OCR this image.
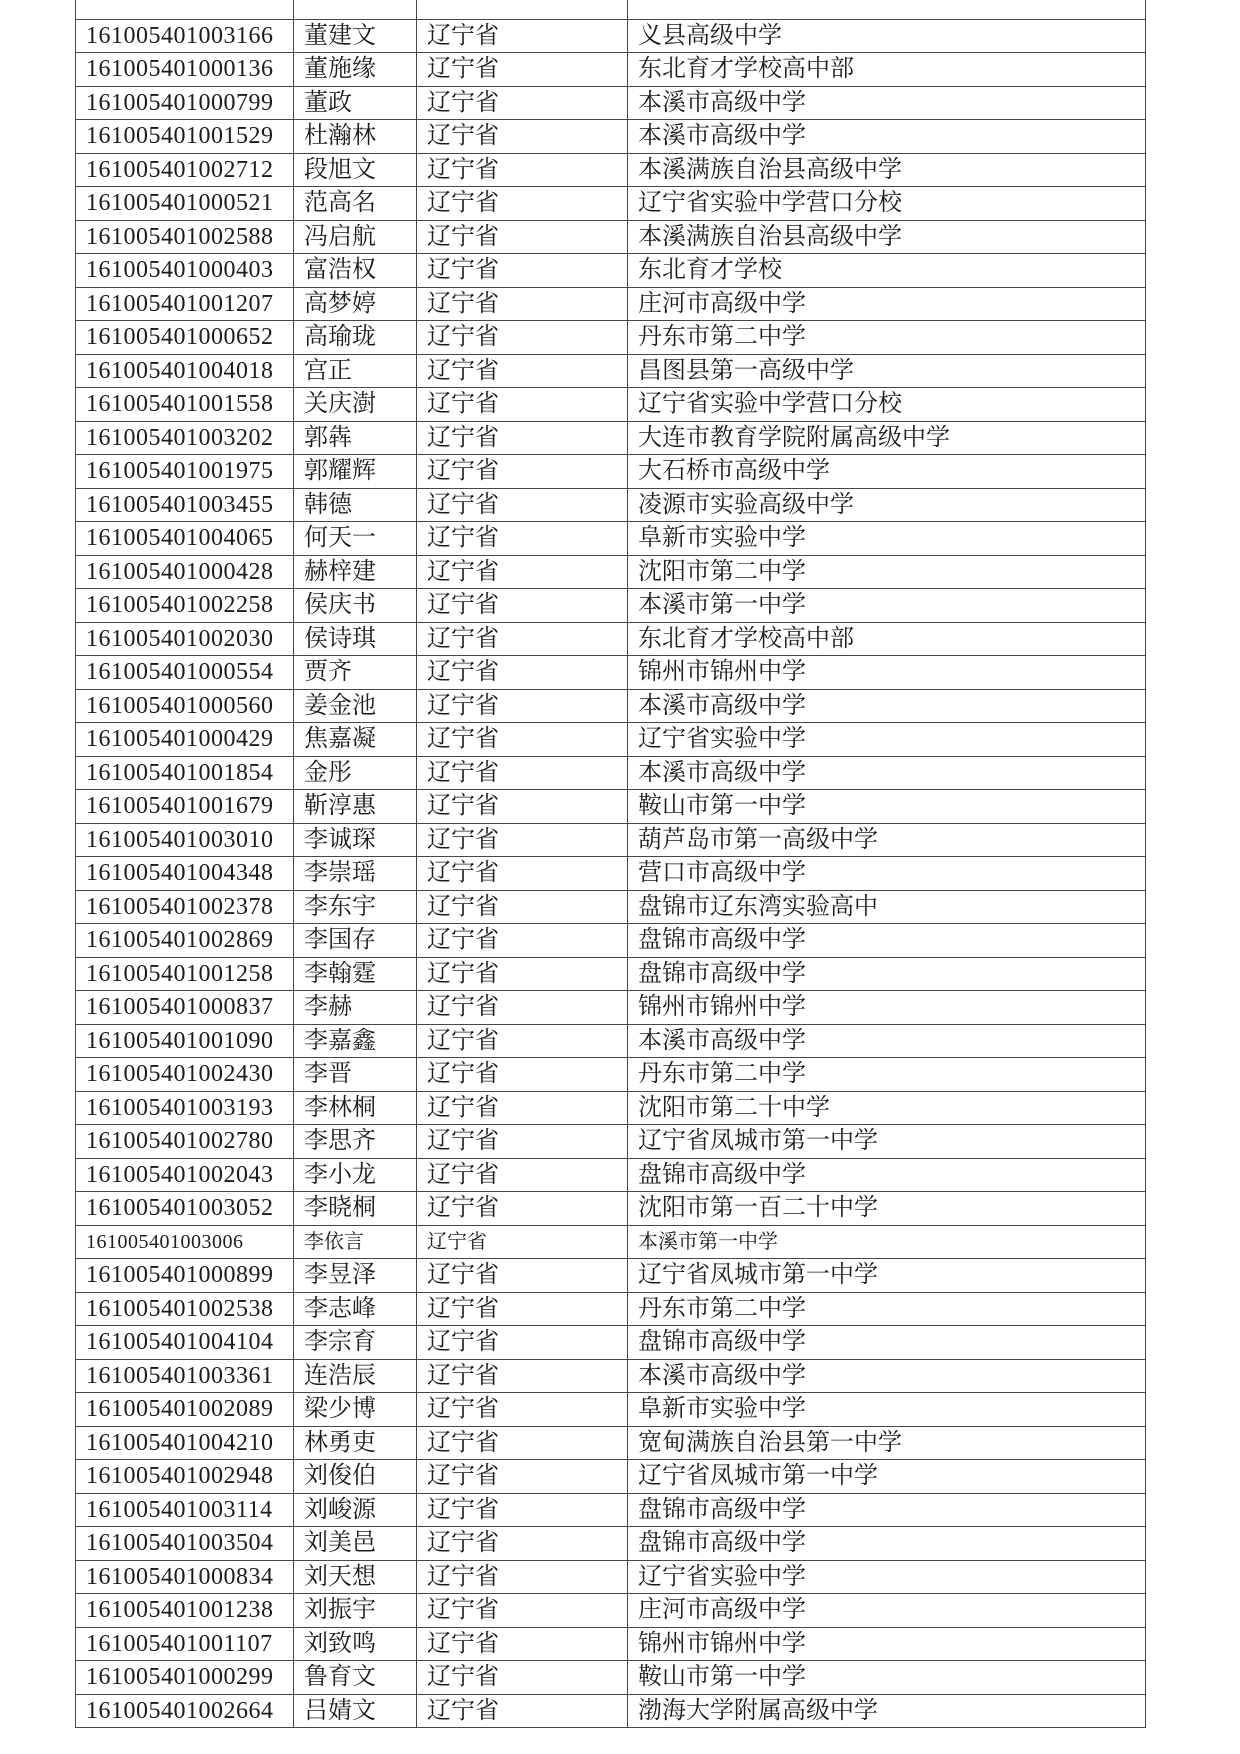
161005401003166	董建文	辽宁省	义县高级中学
161005401000136	董施缘	辽宁省	东北育才学校高中部
161005401000799	董政	辽宁省	本溪市高级中学
161005401001529	杜瀚林	辽宁省	本溪市高级中学
161005401002712	段旭文	辽宁省	本溪满族自治县高级中学
161005401000521	范高名	辽宁省	辽宁省实验中学营口分校
161005401002588	冯启航	辽宁省	本溪满族自治县高级中学
161005401000403	富浩权	辽宁省	东北育才学校
161005401001207	高梦婷	辽宁省	庄河市高级中学
161005401000652	高瑜珑	辽宁省	丹东市第二中学
161005401004018	宫正	辽宁省	昌图县第一高级中学
161005401001558	关庆澍	辽宁省	辽宁省实验中学营口分校
161005401003202	郭犇	辽宁省	大连市教育学院附属高级中学
161005401001975	郭耀辉	辽宁省	大石桥市高级中学
161005401003455	韩德	辽宁省	凌源市实验高级中学
161005401004065	何天一	辽宁省	阜新市实验中学
161005401000428	赫梓建	辽宁省	沈阳市第二中学
161005401002258	侯庆书	辽宁省	本溪市第一中学
161005401002030	侯诗琪	辽宁省	东北育才学校高中部
161005401000554	贾齐	辽宁省	锦州市锦州中学
161005401000560	姜金池	辽宁省	本溪市高级中学
161005401000429	焦嘉凝	辽宁省	辽宁省实验中学
161005401001854	金彤	辽宁省	本溪市高级中学
161005401001679	靳淳惠	辽宁省	鞍山市第一中学
161005401003010	李诚琛	辽宁省	葫芦岛市第一高级中学
161005401004348	李崇瑶	辽宁省	营口市高级中学
161005401002378	李东宇	辽宁省	盘锦市辽东湾实验高中
161005401002869	李国存	辽宁省	盘锦市高级中学
161005401001258	李翰霆	辽宁省	盘锦市高级中学
161005401000837	李赫	辽宁省	锦州市锦州中学
161005401001090	李嘉鑫	辽宁省	本溪市高级中学
161005401002430	李晋	辽宁省	丹东市第二中学
161005401003193	李林桐	辽宁省	沈阳市第二十中学
161005401002780	李思齐	辽宁省	辽宁省凤城市第一中学
161005401002043	李小龙	辽宁省	盘锦市高级中学
161005401003052	李晓桐	辽宁省	沈阳市第一百二十中学
161005401003006	李依言	辽宁省	本溪市第一中学
161005401000899	李昱泽	辽宁省	辽宁省凤城市第一中学
161005401002538	李志峰	辽宁省	丹东市第二中学
161005401004104	李宗育	辽宁省	盘锦市高级中学
161005401003361	连浩辰	辽宁省	本溪市高级中学
161005401002089	梁少博	辽宁省	阜新市实验中学
161005401004210	林勇吏	辽宁省	宽甸满族自治县第一中学
161005401002948	刘俊伯	辽宁省	辽宁省凤城市第一中学
161005401003114	刘峻源	辽宁省	盘锦市高级中学
161005401003504	刘美邑	辽宁省	盘锦市高级中学
161005401000834	刘天想	辽宁省	辽宁省实验中学
161005401001238	刘振宇	辽宁省	庄河市高级中学
161005401001107	刘致鸣	辽宁省	锦州市锦州中学
161005401000299	鲁育文	辽宁省	鞍山市第一中学
161005401002664	吕婧文	辽宁省	渤海大学附属高级中学
